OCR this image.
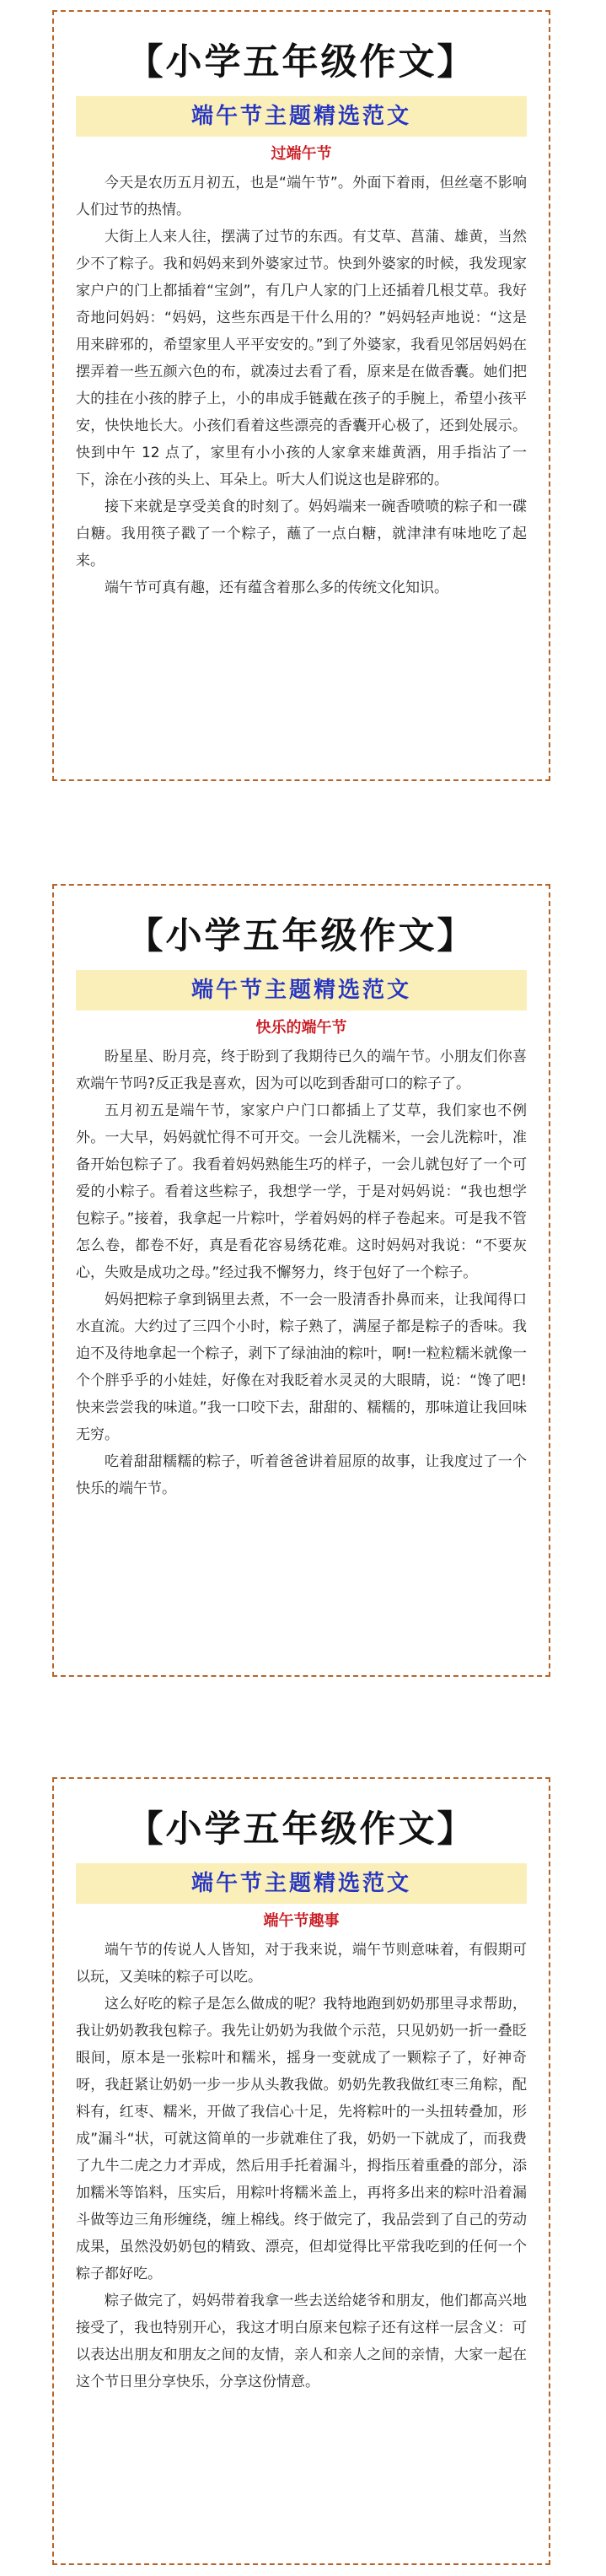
【小学五年级作文】
端午节主题精选范文
过端午节

今天是农历五月初五，也是“端午节”。外面下着雨，但丝毫不影响人们过节的热情。

大街上人来人往，摆满了过节的东西。有艾草、菖蒲、雄黄，当然少不了粽子。我和妈妈来到外婆家过节。快到外婆家的时候，我发现家家户户的门上都插着“宝剑”，有几户人家的门上还插着几根艾草。我好奇地问妈妈：“妈妈，这些东西是干什么用的？”妈妈轻声地说：“这是用来辟邪的，希望家里人平平安安的。”到了外婆家，我看见邻居妈妈在摆弄着一些五颜六色的布，就凑过去看了看，原来是在做香囊。她们把大的挂在小孩的脖子上，小的串成手链戴在孩子的手腕上，希望小孩平安，快快地长大。小孩们看着这些漂亮的香囊开心极了，还到处展示。快到中午 12 点了，家里有小小孩的人家拿来雄黄酒，用手指沾了一下，涂在小孩的头上、耳朵上。听大人们说这也是辟邪的。

接下来就是享受美食的时刻了。妈妈端来一碗香喷喷的粽子和一碟白糖。我用筷子戳了一个粽子，蘸了一点白糖，就津津有味地吃了起来。

端午节可真有趣，还有蕴含着那么多的传统文化知识。

【小学五年级作文】
端午节主题精选范文
快乐的端午节

盼星星、盼月亮，终于盼到了我期待已久的端午节。小朋友们你喜欢端午节吗?反正我是喜欢，因为可以吃到香甜可口的粽子了。

五月初五是端午节，家家户户门口都插上了艾草，我们家也不例外。一大早，妈妈就忙得不可开交。一会儿洗糯米，一会儿洗粽叶，准备开始包粽子了。我看着妈妈熟能生巧的样子，一会儿就包好了一个可爱的小粽子。看着这些粽子，我想学一学，于是对妈妈说：“我也想学包粽子。”接着，我拿起一片粽叶，学着妈妈的样子卷起来。可是我不管怎么卷，都卷不好，真是看花容易绣花难。这时妈妈对我说：“不要灰心，失败是成功之母。”经过我不懈努力，终于包好了一个粽子。

妈妈把粽子拿到锅里去煮，不一会一股清香扑鼻而来，让我闻得口水直流。大约过了三四个小时，粽子熟了，满屋子都是粽子的香味。我迫不及待地拿起一个粽子，剥下了绿油油的粽叶，啊!一粒粒糯米就像一个个胖乎乎的小娃娃，好像在对我眨着水灵灵的大眼睛，说：“馋了吧!快来尝尝我的味道。”我一口咬下去，甜甜的、糯糯的，那味道让我回味无穷。

吃着甜甜糯糯的粽子，听着爸爸讲着屈原的故事，让我度过了一个快乐的端午节。

【小学五年级作文】
端午节主题精选范文
端午节趣事

端午节的传说人人皆知，对于我来说，端午节则意味着，有假期可以玩，又美味的粽子可以吃。

这么好吃的粽子是怎么做成的呢？我特地跑到奶奶那里寻求帮助，我让奶奶教我包粽子。我先让奶奶为我做个示范，只见奶奶一折一叠眨眼间，原本是一张粽叶和糯米，摇身一变就成了一颗粽子了，好神奇呀，我赶紧让奶奶一步一步从头教我做。奶奶先教我做红枣三角粽，配料有，红枣、糯米，开做了我信心十足，先将粽叶的一头扭转叠加，形成”漏斗“状，可就这简单的一步就难住了我，奶奶一下就成了，而我费了九牛二虎之力才弄成，然后用手托着漏斗，拇指压着重叠的部分，添加糯米等馅料，压实后，用粽叶将糯米盖上，再将多出来的粽叶沿着漏斗做等边三角形缠绕，缠上棉线。终于做完了，我品尝到了自己的劳动成果，虽然没奶奶包的精致、漂亮，但却觉得比平常我吃到的任何一个粽子都好吃。

粽子做完了，妈妈带着我拿一些去送给姥爷和朋友，他们都高兴地接受了，我也特别开心，我这才明白原来包粽子还有这样一层含义：可以表达出朋友和朋友之间的友情，亲人和亲人之间的亲情，大家一起在这个节日里分享快乐，分享这份情意。
